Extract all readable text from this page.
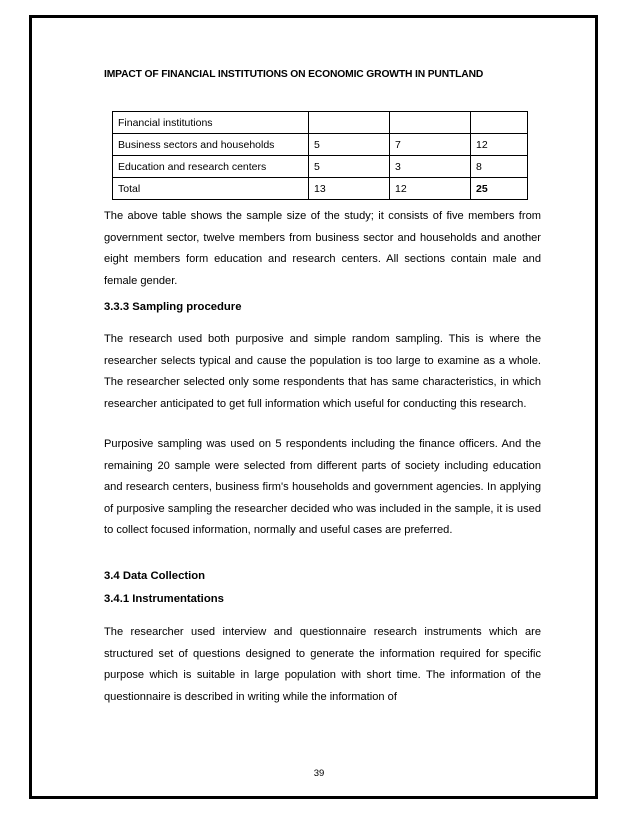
IMPACT OF FINANCIAL INSTITUTIONS ON ECONOMIC GROWTH IN PUNTLAND
Financial institutions			
Business sectors and households	5	7	12
Education and research centers	5	3	8
Total	13	12	25

The above table shows the sample size of the study; it consists of five members from government sector, twelve members from business sector and households and another eight members form education and research centers. All sections contain male and female gender.

3.3.3 Sampling procedure

The research used both purposive and simple random sampling. This is where the researcher selects typical and cause the population is too large to examine as a whole. The researcher selected only some respondents that has same characteristics, in which researcher anticipated to get full information which useful for conducting this research.

Purposive sampling was used on 5 respondents including the finance officers. And the remaining 20 sample were selected from different parts of society including education and research centers, business firm's households and government agencies. In applying of purposive sampling the researcher decided who was included in the sample, it is used to collect focused information, normally and useful cases are preferred.

3.4 Data Collection

3.4.1 Instrumentations

The researcher used interview and questionnaire research instruments which are structured set of questions designed to generate the information required for specific purpose which is suitable in large population with short time. The information of the questionnaire is described in writing while the information of

39
